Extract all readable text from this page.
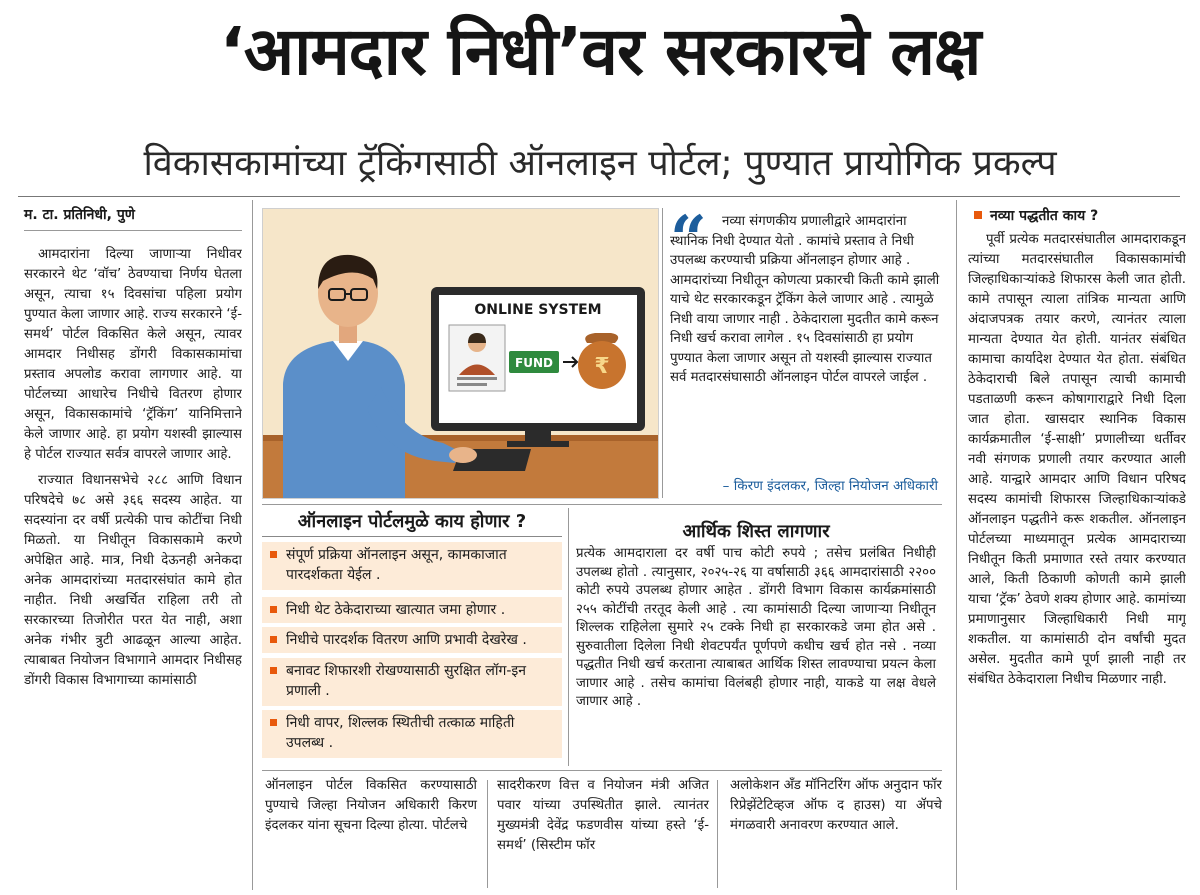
‘आमदार निधी’वर सरकारचे लक्ष
विकासकामांच्या ट्रॅकिंगसाठी ऑनलाइन पोर्टल; पुण्यात प्रायोगिक प्रकल्प
म. टा. प्रतिनिधी, पुणे

आमदारांना दिल्या जाणाऱ्या निधीवर सरकारने थेट ‘वॉच’ ठेवण्याचा निर्णय घेतला असून, त्याचा १५ दिवसांचा पहिला प्रयोग पुण्यात केला जाणार आहे. राज्य सरकारने ‘ई-समर्थ’ पोर्टल विकसित केले असून, त्यावर आमदार निधीसह डोंगरी विकासकामांचा प्रस्ताव अपलोड करावा लागणार आहे. या पोर्टलच्या आधारेच निधीचे वितरण होणार असून, विकासकामांचे ‘ट्रॅकिंग’ यानिमित्ताने केले जाणार आहे. हा प्रयोग यशस्वी झाल्यास हे पोर्टल राज्यात सर्वत्र वापरले जाणार आहे.

राज्यात विधानसभेचे २८८ आणि विधान परिषदेचे ७८ असे ३६६ सदस्य आहेत. या सदस्यांना दर वर्षी प्रत्येकी पाच कोटींचा निधी मिळतो. या निधीतून विकासकामे करणे अपेक्षित आहे. मात्र, निधी देऊनही अनेकदा अनेक आमदारांच्या मतदारसंघांत कामे होत नाहीत. निधी अखर्चित राहिला तरी तो सरकारच्या तिजोरीत परत येत नाही, अशा अनेक गंभीर त्रुटी आढळून आल्या आहेत. त्याबाबत नियोजन विभागाने आमदार निधीसह डोंगरी विकास विभागाच्या कामांसाठी

ONLINE SYSTEM
FUND ₹
“	नव्या संगणकीय प्रणालीद्वारे आमदारांना स्थानिक निधी देण्यात येतो . कामांचे प्रस्ताव ते निधी उपलब्ध करण्याची प्रक्रिया ऑनलाइन होणार आहे . आमदारांच्या निधीतून कोणत्या प्रकारची किती कामे झाली याचे थेट सरकारकडून ट्रॅकिंग केले जाणार आहे . त्यामुळे निधी वाया जाणार नाही . ठेकेदाराला मुदतीत कामे करून निधी खर्च करावा लागेल . १५ दिवसांसाठी हा प्रयोग पुण्यात केला जाणार असून तो यशस्वी झाल्यास राज्यात सर्व मतदारसंघासाठी ऑनलाइन पोर्टल वापरले जाईल .
– किरण इंदलकर, जिल्हा नियोजन अधिकारी
ऑनलाइन पोर्टलमुळे काय होणार ?
संपूर्ण प्रक्रिया ऑनलाइन असून, कामकाजात पारदर्शकता येईल .
निधी थेट ठेकेदाराच्या खात्यात जमा होणार .
निधीचे पारदर्शक वितरण आणि प्रभावी देखरेख .
बनावट शिफारशी रोखण्यासाठी सुरक्षित लॉग-इन प्रणाली .
निधी वापर, शिल्लक स्थितीची तत्काळ माहिती उपलब्ध .
आर्थिक शिस्त लागणार
प्रत्येक आमदाराला दर वर्षी पाच कोटी रुपये ; तसेच प्रलंबित निधीही उपलब्ध होतो . त्यानुसार, २०२५-२६ या वर्षासाठी ३६६ आमदारांसाठी २२०० कोटी रुपये उपलब्ध होणार आहेत . डोंगरी विभाग विकास कार्यक्रमांसाठी २५५ कोटींची तरतूद केली आहे . त्या कामांसाठी दिल्या जाणाऱ्या निधीतून शिल्लक राहिलेला सुमारे २५ टक्के निधी हा सरकारकडे जमा होत असे . सुरुवातीला दिलेला निधी शेवटपर्यंत पूर्णपणे कधीच खर्च होत नसे . नव्या पद्धतीत निधी खर्च करताना त्याबाबत आर्थिक शिस्त लावण्याचा प्रयत्न केला जाणार आहे . तसेच कामांचा विलंबही होणार नाही, याकडे या लक्ष वेधले जाणार आहे .
ऑनलाइन पोर्टल विकसित करण्यासाठी पुण्याचे जिल्हा नियोजन अधिकारी किरण इंदलकर यांना सूचना दिल्या होत्या. पोर्टलचे
सादरीकरण वित्त व नियोजन मंत्री अजित पवार यांच्या उपस्थितीत झाले. त्यानंतर मुख्यमंत्री देवेंद्र फडणवीस यांच्या हस्ते ‘ई-समर्थ’ (सिस्टीम फॉर
अलोकेशन अँड मॉनिटरिंग ऑफ अनुदान फॉर रिप्रेझेंटेटिव्हज ऑफ द हाउस) या ॲपचे मंगळवारी अनावरण करण्यात आले.
नव्या पद्धतीत काय ?

पूर्वी प्रत्येक मतदारसंघातील आमदाराकडून त्यांच्या मतदारसंघातील विकासकामांची जिल्हाधिकाऱ्यांकडे शिफारस केली जात होती. कामे तपासून त्याला तांत्रिक मान्यता आणि अंदाजपत्रक तयार करणे, त्यानंतर त्याला मान्यता देण्यात येत होती. यानंतर संबंधित कामाचा कार्यादेश देण्यात येत होता. संबंधित ठेकेदाराची बिले तपासून त्याची कामाची पडताळणी करून कोषागाराद्वारे निधी दिला जात होता. खासदार स्थानिक विकास कार्यक्रमातील ‘ई-साक्षी’ प्रणालीच्या धर्तीवर नवी संगणक प्रणाली तयार करण्यात आली आहे. यान्द्वारे आमदार आणि विधान परिषद सदस्य कामांची शिफारस जिल्हाधिकाऱ्यांकडे ऑनलाइन पद्धतीने करू शकतील. ऑनलाइन पोर्टलच्या माध्यमातून प्रत्येक आमदाराच्या निधीतून किती प्रमाणात रस्ते तयार करण्यात आले, किती ठिकाणी कोणती कामे झाली याचा ‘ट्रॅक’ ठेवणे शक्य होणार आहे. कामांच्या प्रमाणानुसार जिल्हाधिकारी निधी मागू शकतील. या कामांसाठी दोन वर्षांची मुदत असेल. मुदतीत कामे पूर्ण झाली नाही तर संबंधित ठेकेदाराला निधीच मिळणार नाही.
